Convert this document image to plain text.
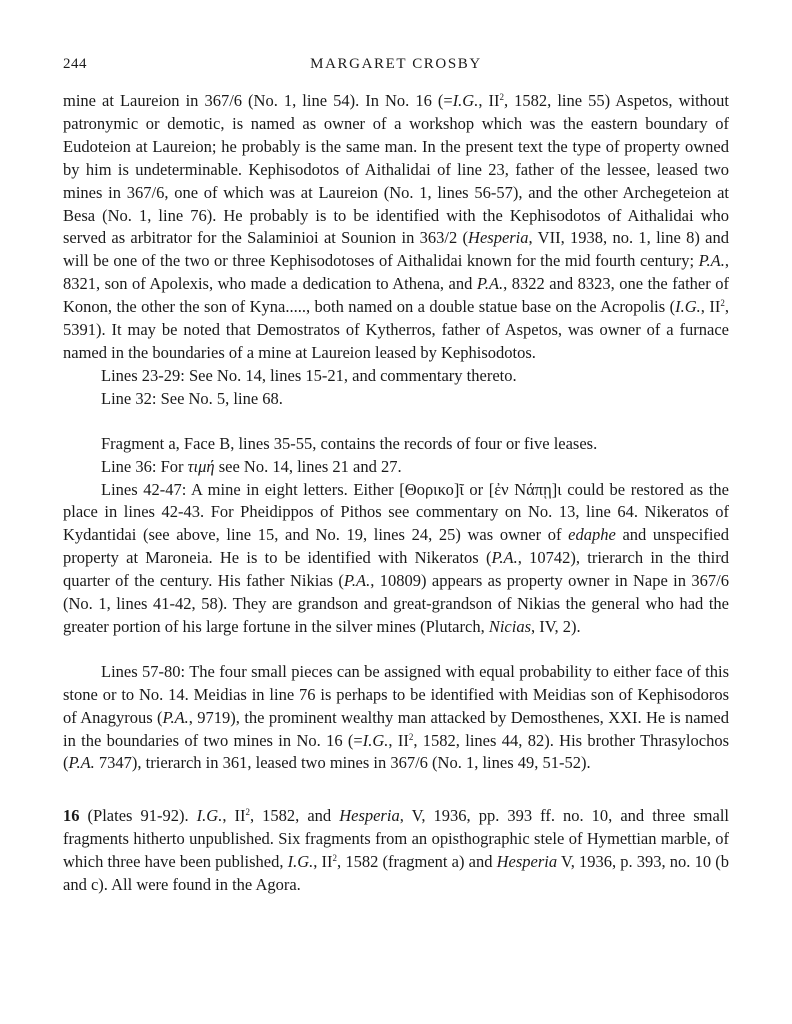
244	MARGARET CROSBY

mine at Laureion in 367/6 (No. 1, line 54). In No. 16 (=I.G., $II^2$, 1582, line 55) Aspetos, without patronymic or demotic, is named as owner of a workshop which was the eastern boundary of Eudoteion at Laureion; he probably is the same man. In the present text the type of property owned by him is undeterminable. Kephisodotos of Aithalidai of line 23, father of the lessee, leased two mines in 367/6, one of which was at Laureion (No. 1, lines 56-57), and the other Archegeteion at Besa (No. 1, line 76). He probably is to be identified with the Kephisodotos of Aithalidai who served as arbitrator for the Salaminioi at Sounion in 363/2 (Hesperia, VII, 1938, no. 1, line 8) and will be one of the two or three Kephisodotoses of Aithalidai known for the mid fourth century; P.A., 8321, son of Apolexis, who made a dedication to Athena, and P.A., 8322 and 8323, one the father of Konon, the other the son of Kyna....., both named on a double statue base on the Acropolis (I.G., $II^2$, 5391). It may be noted that Demostratos of Kytherros, father of Aspetos, was owner of a furnace named in the boundaries of a mine at Laureion leased by Kephisodotos.

Lines 23-29: See No. 14, lines 15-21, and commentary thereto.

Line 32: See No. 5, line 68.

Fragment a, Face B, lines 35-55, contains the records of four or five leases.

Line 36: For τιμή see No. 14, lines 21 and 27.

Lines 42-47: A mine in eight letters. Either [Θορικο]ῖ or [ἐν Νάπῃ]ι could be restored as the place in lines 42-43. For Pheidippos of Pithos see commentary on No. 13, line 64. Nikeratos of Kydantidai (see above, line 15, and No. 19, lines 24, 25) was owner of edaphe and unspecified property at Maroneia. He is to be identified with Nikeratos (P.A., 10742), trierarch in the third quarter of the century. His father Nikias (P.A., 10809) appears as property owner in Nape in 367/6 (No. 1, lines 41-42, 58). They are grandson and great-grandson of Nikias the general who had the greater portion of his large fortune in the silver mines (Plutarch, Nicias, IV, 2).

Lines 57-80: The four small pieces can be assigned with equal probability to either face of this stone or to No. 14. Meidias in line 76 is perhaps to be identified with Meidias son of Kephisodoros of Anagyrous (P.A., 9719), the prominent wealthy man attacked by Demosthenes, XXI. He is named in the boundaries of two mines in No. 16 (=I.G., $II^2$, 1582, lines 44, 82). His brother Thrasylochos (P.A. 7347), trierarch in 361, leased two mines in 367/6 (No. 1, lines 49, 51-52).

16 (Plates 91-92). I.G., $II^2$, 1582, and Hesperia, V, 1936, pp. 393 ff. no. 10, and three small fragments hitherto unpublished. Six fragments from an opisthographic stele of Hymettian marble, of which three have been published, I.G., $II^2$, 1582 (fragment a) and Hesperia V, 1936, p. 393, no. 10 (b and c). All were found in the Agora.
